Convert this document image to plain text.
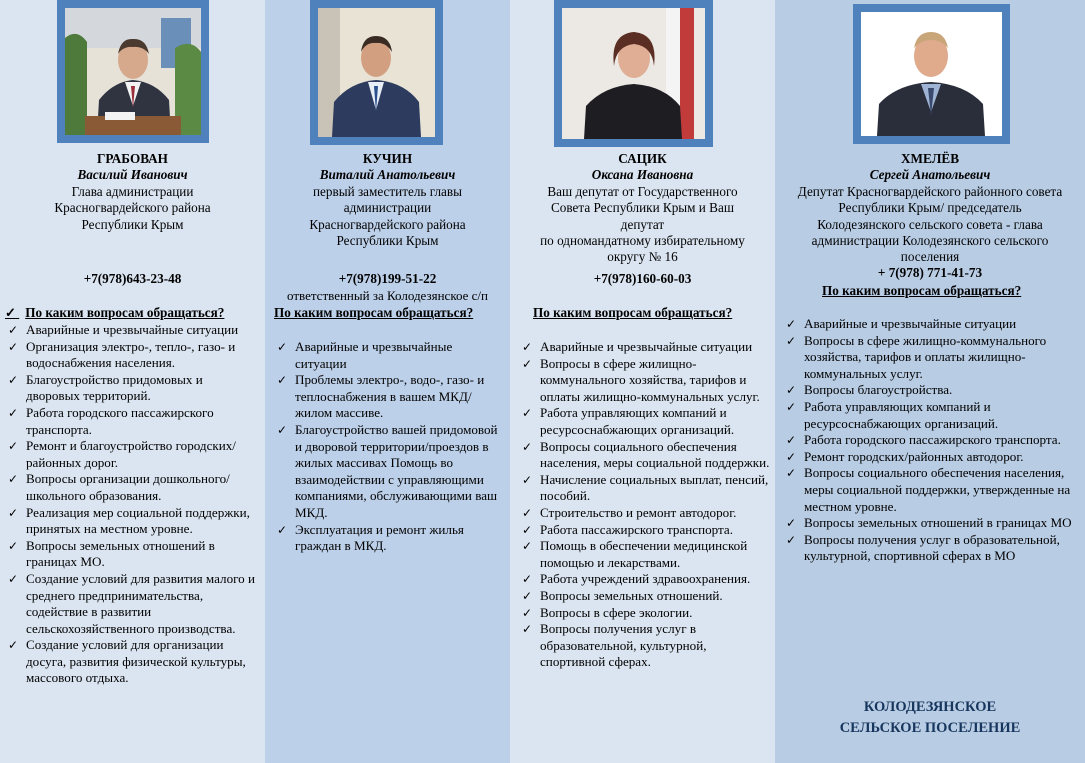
ГРАБОВАН
Василий Иванович
Глава администрации
Красногвардейского района
Республики Крым
+7(978)643-23-48
✓ По каким вопросам обращаться?
✓ Аварийные и чрезвычайные ситуации
✓ Организация электро-, тепло-, газо- и водоснабжения населения.
✓ Благоустройство придомовых и дворовых территорий.
✓ Работа городского пассажирского транспорта.
✓ Ремонт и благоустройство городских/районных дорог.
✓ Вопросы организации дошкольного/школьного образования.
✓ Реализация мер социальной поддержки, принятых на местном уровне.
✓ Вопросы земельных отношений в границах МО.
✓ Создание условий для развития малого и среднего предпринимательства, содействие в развитии сельскохозяйственного производства.
✓ Создание условий для организации досуга, развития физической культуры, массового отдыха.
КУЧИН
Виталий Анатольевич
первый заместитель главы
администрации
Красногвардейского района
Республики Крым
+7(978)199-51-22
ответственный за Колодезянское с/п
По каким вопросам обращаться?
✓ Аварийные и чрезвычайные ситуации
✓ Проблемы электро-, водо-, газо- и теплоснабжения в вашем МКД/жилом массиве.
✓ Благоустройство вашей придомовой и дворовой территории/проездов в жилых массивах Помощь во взаимодействии с управляющими компаниями, обслуживающими ваш МКД.
✓ Эксплуатация и ремонт жилья граждан в МКД.
САЦИК
Оксана Ивановна
Ваш депутат от Государственного
Совета Республики Крым и Ваш
депутат
по одномандатному избирательному
округу № 16
+7(978)160-60-03
По каким вопросам обращаться?
✓ Аварийные и чрезвычайные ситуации
✓ Вопросы в сфере жилищно-коммунального хозяйства, тарифов и оплаты жилищно-коммунальных услуг.
✓ Работа управляющих компаний и ресурсоснабжающих организаций.
✓ Вопросы социального обеспечения населения, меры социальной поддержки.
✓ Начисление социальных выплат, пенсий, пособий.
✓ Строительство и ремонт автодорог.
✓ Работа пассажирского транспорта.
✓ Помощь в обеспечении медицинской помощью и лекарствами.
✓ Работа учреждений здравоохранения.
✓ Вопросы земельных отношений.
✓ Вопросы в сфере экологии.
✓ Вопросы получения услуг в образовательной, культурной, спортивной сферах.
ХМЕЛЁВ
Сергей Анатольевич
Депутат Красногвардейского районного совета
Республики Крым/ председатель
Колодезянского сельского совета - глава
администрации Колодезянского сельского
поселения
+ 7(978) 771-41-73
По каким вопросам обращаться?
✓ Аварийные и чрезвычайные ситуации
✓ Вопросы в сфере жилищно-коммунального хозяйства, тарифов и оплаты жилищно-коммунальных услуг.
✓ Вопросы благоустройства.
✓ Работа управляющих компаний и ресурсоснабжающих организаций.
✓ Работа городского пассажирского транспорта.
✓ Ремонт городских/районных автодорог.
✓ Вопросы социального обеспечения населения, меры социальной поддержки, утвержденные на местном уровне.
✓ Вопросы земельных отношений в границах МО
✓ Вопросы получения услуг в образовательной, культурной, спортивной сферах в МО
КОЛОДЕЗЯНСКОЕ
СЕЛЬСКОЕ ПОСЕЛЕНИЕ
